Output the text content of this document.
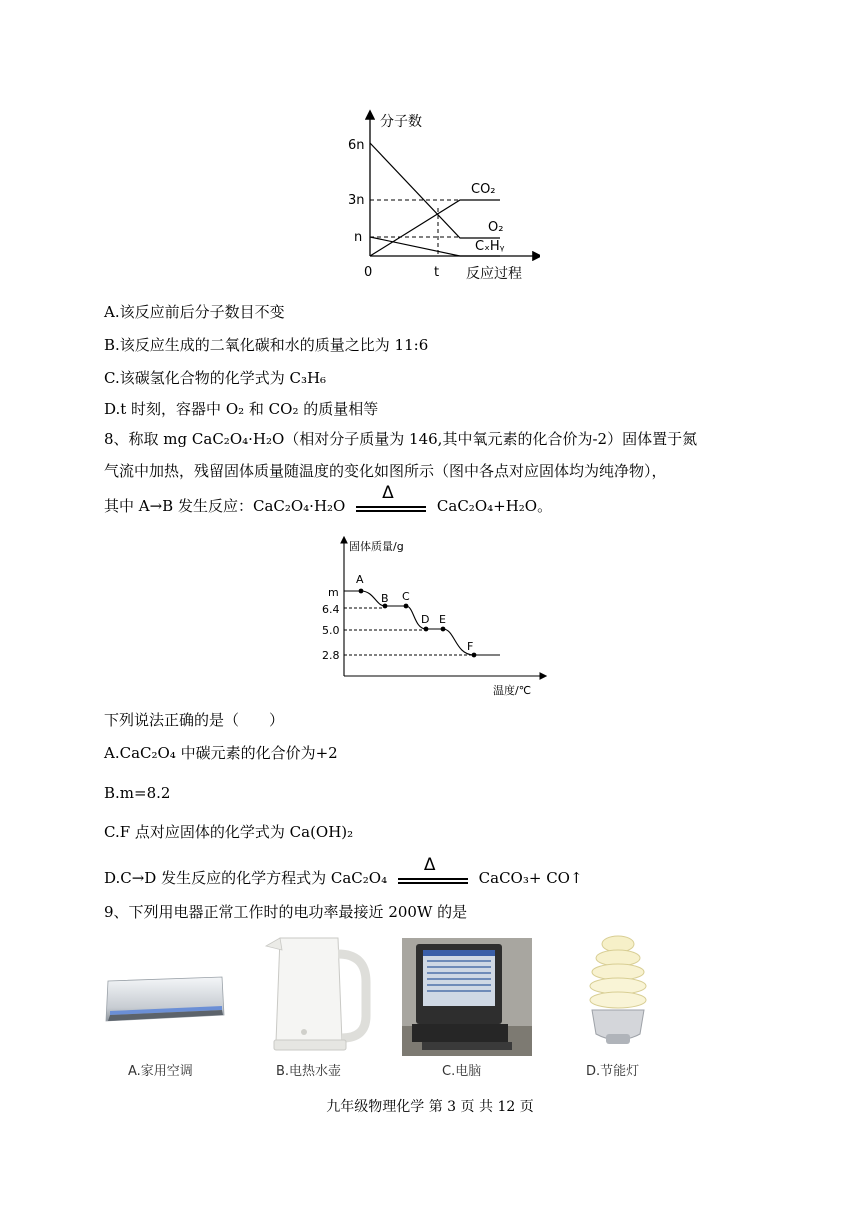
分子数
反应过程
0
6n
3n
n
t
CO₂
O₂
CₓHᵧ
A.该反应前后分子数目不变
B.该反应生成的二氧化碳和水的质量之比为 11:6
C.该碳氢化合物的化学式为 C₃H₆
D.t 时刻，容器中 O₂ 和 CO₂ 的质量相等
8、称取 mg CaC₂O₄·H₂O（相对分子质量为 146,其中氧元素的化合价为-2）固体置于氮
气流中加热，残留固体质量随温度的变化如图所示（图中各点对应固体均为纯净物），
其中 A→B 发生反应：CaC₂O₄·H₂O
Δ
CaC₂O₄+H₂O。
固体质量/g
温度/℃
m
6.4
5.0
2.8
A
B C
D E
F
下列说法正确的是（　　）
A.CaC₂O₄ 中碳元素的化合价为+2
B.m=8.2
C.F 点对应固体的化学式为 Ca(OH)₂
D.C→D 发生反应的化学方程式为 CaC₂O₄
Δ
CaCO₃+ CO↑
9、下列用电器正常工作时的电功率最接近 200W 的是
A.家用空调	B.电热水壶	C.电脑	D.节能灯
九年级物理化学 第 3 页 共 12 页
